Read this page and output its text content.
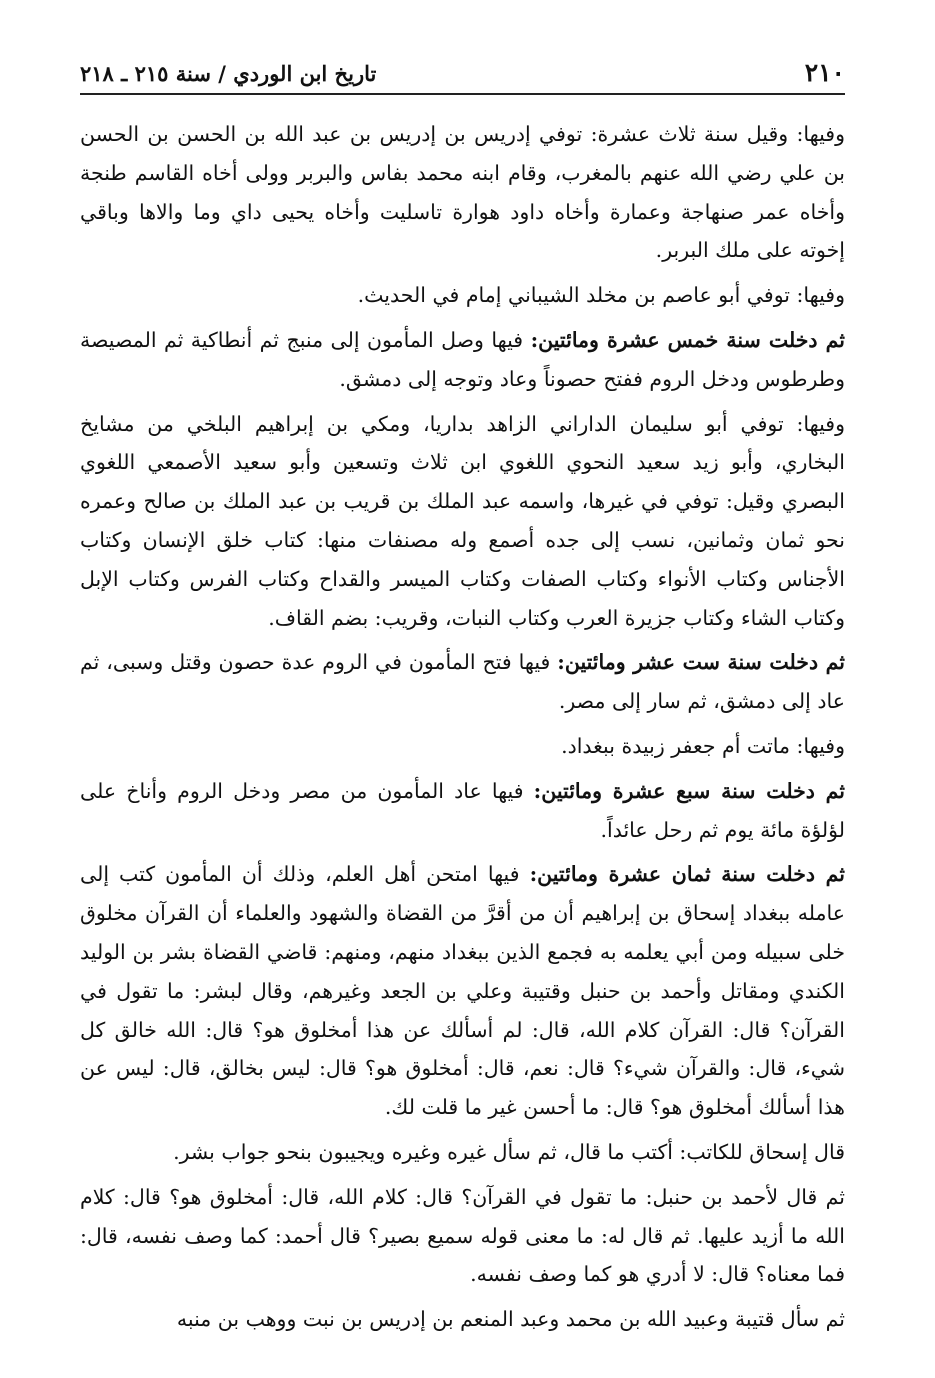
٢١٠
تاريخ ابن الوردي / سنة ٢١٥ ـ ٢١٨

وفيها: وقيل سنة ثلاث عشرة: توفي إدريس بن إدريس بن عبد الله بن الحسن بن الحسن بن علي رضي الله عنهم بالمغرب، وقام ابنه محمد بفاس والبربر وولى أخاه القاسم طنجة وأخاه عمر صنهاجة وعمارة وأخاه داود هوارة تاسليت وأخاه يحيى داي وما والاها وباقي إخوته على ملك البربر.

وفيها: توفي أبو عاصم بن مخلد الشيباني إمام في الحديث.

ثم دخلت سنة خمس عشرة ومائتين: فيها وصل المأمون إلى منبج ثم أنطاكية ثم المصيصة وطرطوس ودخل الروم ففتح حصوناً وعاد وتوجه إلى دمشق.

وفيها: توفي أبو سليمان الداراني الزاهد بداريا، ومكي بن إبراهيم البلخي من مشايخ البخاري، وأبو زيد سعيد النحوي اللغوي ابن ثلاث وتسعين وأبو سعيد الأصمعي اللغوي البصري وقيل: توفي في غيرها، واسمه عبد الملك بن قريب بن عبد الملك بن صالح وعمره نحو ثمان وثمانين، نسب إلى جده أصمع وله مصنفات منها: كتاب خلق الإنسان وكتاب الأجناس وكتاب الأنواء وكتاب الصفات وكتاب الميسر والقداح وكتاب الفرس وكتاب الإبل وكتاب الشاء وكتاب جزيرة العرب وكتاب النبات، وقريب: بضم القاف.

ثم دخلت سنة ست عشر ومائتين: فيها فتح المأمون في الروم عدة حصون وقتل وسبى، ثم عاد إلى دمشق، ثم سار إلى مصر.

وفيها: ماتت أم جعفر زبيدة ببغداد.

ثم دخلت سنة سبع عشرة ومائتين: فيها عاد المأمون من مصر ودخل الروم وأناخ على لؤلؤة مائة يوم ثم رحل عائداً.

ثم دخلت سنة ثمان عشرة ومائتين: فيها امتحن أهل العلم، وذلك أن المأمون كتب إلى عامله ببغداد إسحاق بن إبراهيم أن من أقرَّ من القضاة والشهود والعلماء أن القرآن مخلوق خلى سبيله ومن أبي يعلمه به فجمع الذين ببغداد منهم، ومنهم: قاضي القضاة بشر بن الوليد الكندي ومقاتل وأحمد بن حنبل وقتيبة وعلي بن الجعد وغيرهم، وقال لبشر: ما تقول في القرآن؟ قال: القرآن كلام الله، قال: لم أسألك عن هذا أمخلوق هو؟ قال: الله خالق كل شيء، قال: والقرآن شيء؟ قال: نعم، قال: أمخلوق هو؟ قال: ليس بخالق، قال: ليس عن هذا أسألك أمخلوق هو؟ قال: ما أحسن غير ما قلت لك.

قال إسحاق للكاتب: أكتب ما قال، ثم سأل غيره وغيره ويجيبون بنحو جواب بشر.

ثم قال لأحمد بن حنبل: ما تقول في القرآن؟ قال: كلام الله، قال: أمخلوق هو؟ قال: كلام الله ما أزيد عليها. ثم قال له: ما معنى قوله سميع بصير؟ قال أحمد: كما وصف نفسه، قال: فما معناه؟ قال: لا أدري هو كما وصف نفسه.

ثم سأل قتيبة وعبيد الله بن محمد وعبد المنعم بن إدريس بن نبت ووهب بن منبه
